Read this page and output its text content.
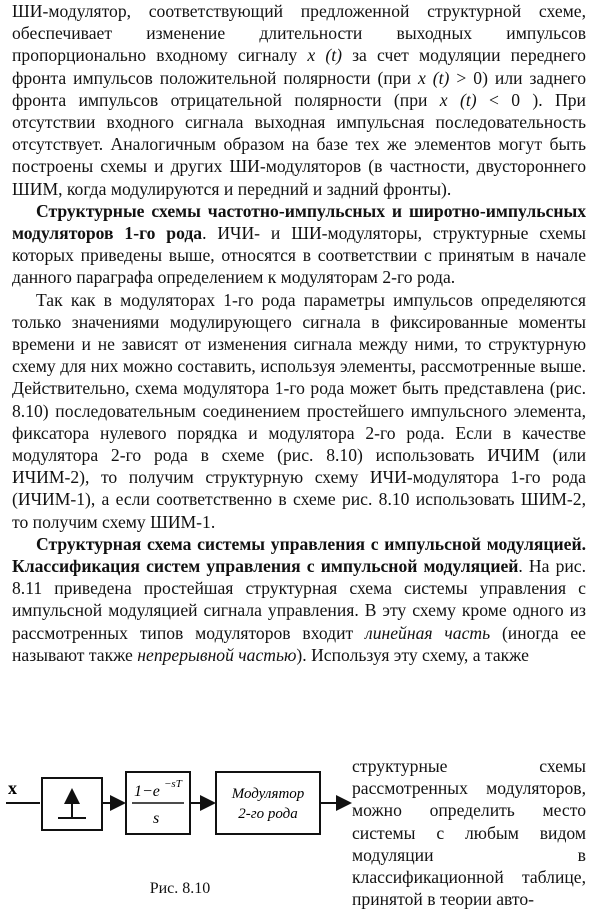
ШИ-модулятор, соответствующий предложенной структурной схеме, обеспечивает изменение длительности выходных импульсов пропорционально входному сигналу x (t) за счет модуляции переднего фронта импульсов положительной полярности (при x (t) > 0) или заднего фронта импульсов отрицательной полярности (при x (t) < 0 ). При отсутствии входного сигнала выходная импульсная последовательность отсутствует. Аналогичным образом на базе тех же элементов могут быть построены схемы и других ШИ-модуляторов (в частности, двустороннего ШИМ, когда модулируются и передний и задний фронты).

Структурные схемы частотно-импульсных и широтно-импульсных модуляторов 1-го рода. ИЧИ- и ШИ-модуляторы, структурные схемы которых приведены выше, относятся в соответствии с принятым в начале данного параграфа определением к модуляторам 2-го рода.

Так как в модуляторах 1-го рода параметры импульсов определяются только значениями модулирующего сигнала в фиксированные моменты времени и не зависят от изменения сигнала между ними, то структурную схему для них можно составить, используя элементы, рассмотренные выше. Действительно, схема модулятора 1-го рода может быть представлена (рис. 8.10) последовательным соединением простейшего импульсного элемента, фиксатора нулевого порядка и модулятора 2-го рода. Если в качестве модулятора 2-го рода в схеме (рис. 8.10) использовать ИЧИМ (или ИЧИМ-2), то получим структурную схему ИЧИ-модулятора 1-го рода (ИЧИМ-1), а если соответственно в схеме рис. 8.10 использовать ШИМ-2, то получим схему ШИМ-1.

Структурная схема системы управления с импульсной модуляцией. Классификация систем управления с импульсной модуляцией. На рис. 8.11 приведена простейшая структурная схема системы управления с импульсной модуляцией сигнала управления. В эту схему кроме одного из рассмотренных типов модуляторов входит линейная часть (иногда ее называют также непрерывной частью). Используя эту схему, а также

x	1−e −sT
s
Модулятор
2-го рода
Рис. 8.10

структурные схемы рассмотренных модуляторов, можно определить место системы с любым видом модуляции в классификационной таблице, принятой в теории авто-
